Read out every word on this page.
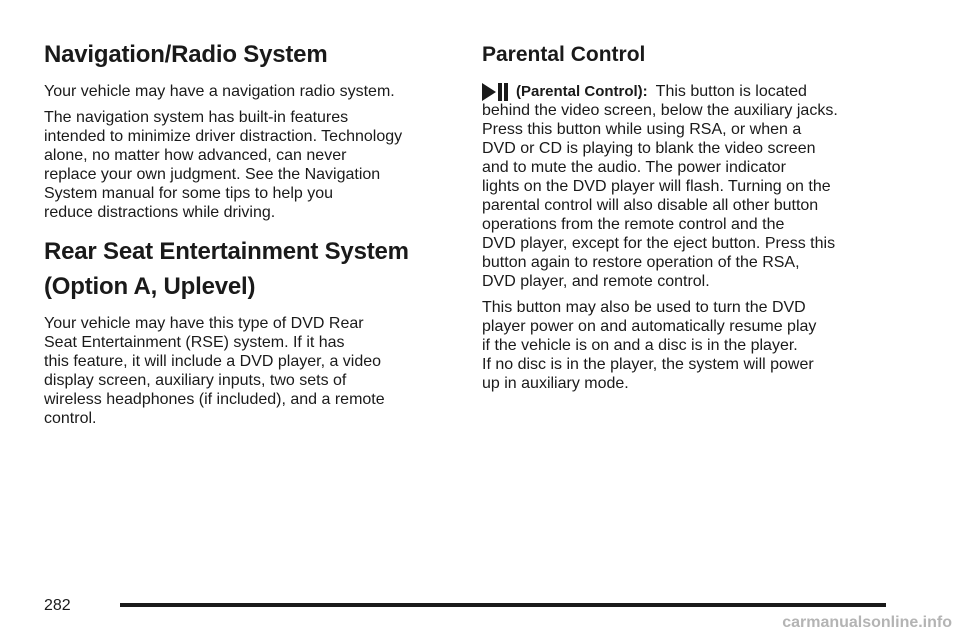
Navigation/Radio System

Your vehicle may have a navigation radio system.

The navigation system has built-in features
intended to minimize driver distraction. Technology
alone, no matter how advanced, can never
replace your own judgment. See the Navigation
System manual for some tips to help you
reduce distractions while driving.

Rear Seat Entertainment System
(Option A, Uplevel)

Your vehicle may have this type of DVD Rear
Seat Entertainment (RSE) system. If it has
this feature, it will include a DVD player, a video
display screen, auxiliary inputs, two sets of
wireless headphones (if included), and a remote
control.

Parental Control

(Parental Control): This button is located
behind the video screen, below the auxiliary jacks.
Press this button while using RSA, or when a
DVD or CD is playing to blank the video screen
and to mute the audio. The power indicator
lights on the DVD player will flash. Turning on the
parental control will also disable all other button
operations from the remote control and the
DVD player, except for the eject button. Press this
button again to restore operation of the RSA,
DVD player, and remote control.

This button may also be used to turn the DVD
player power on and automatically resume play
if the vehicle is on and a disc is in the player.
If no disc is in the player, the system will power
up in auxiliary mode.

282
carmanualsonline.info
